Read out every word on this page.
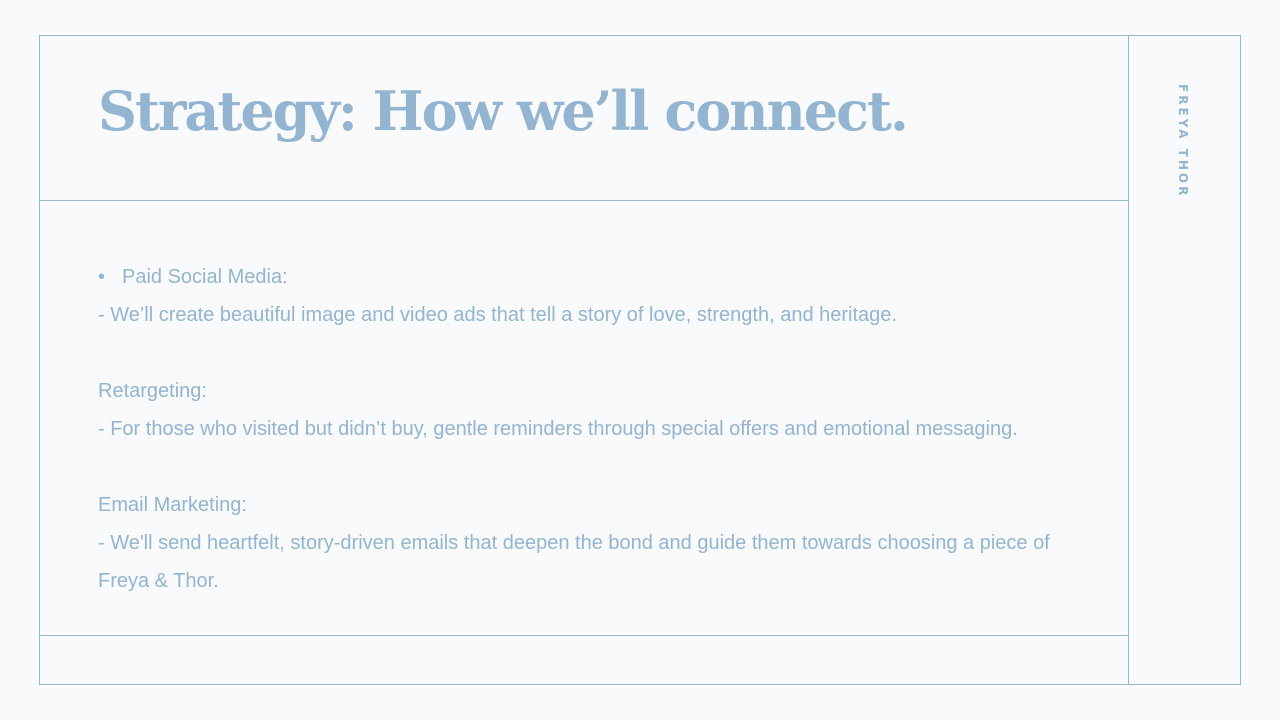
Strategy: How we’ll connect.	FREYA THOR
• Paid Social Media:
- We’ll create beautiful image and video ads that tell a story of love, strength, and heritage.
Retargeting:
- For those who visited but didn’t buy, gentle reminders through special offers and emotional messaging.
Email Marketing:
- We'll send heartfelt, story-driven emails that deepen the bond and guide them towards choosing a piece of Freya & Thor.
